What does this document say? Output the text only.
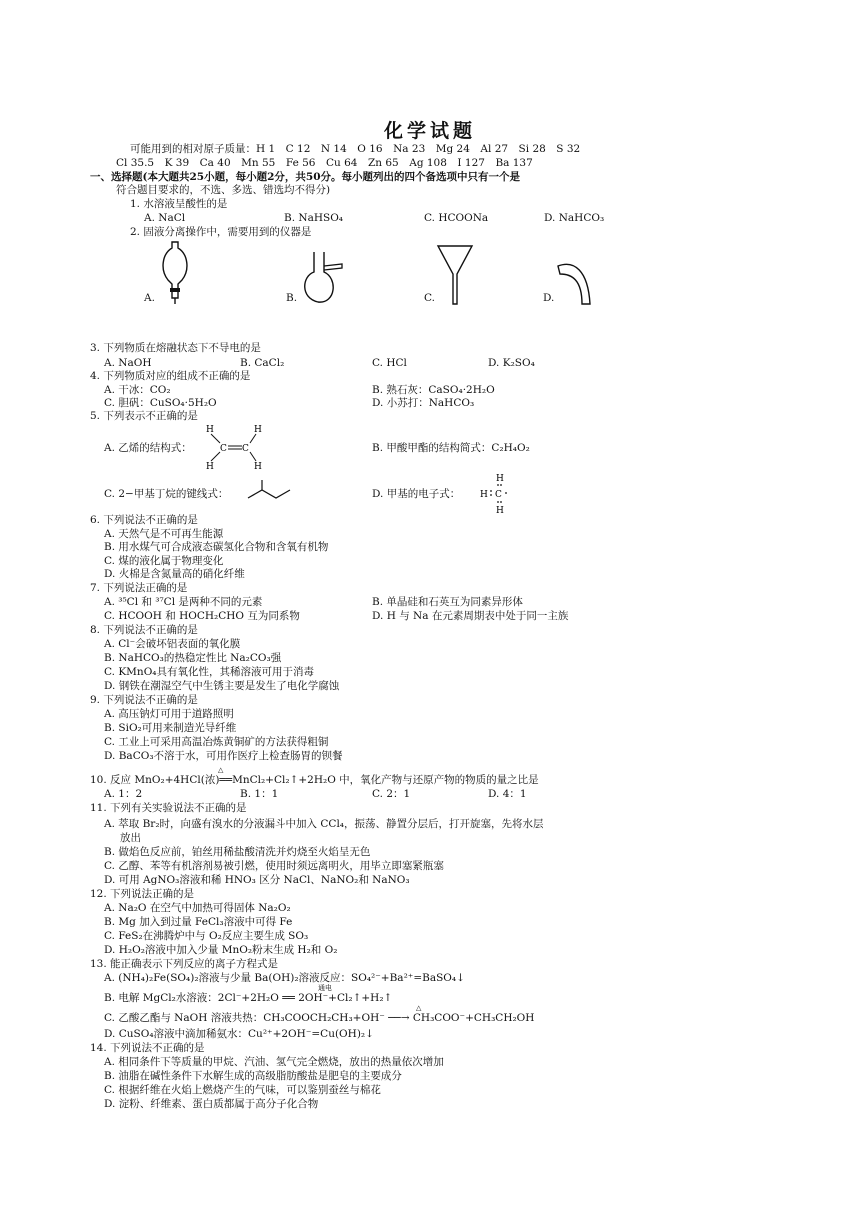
化学试题
可能用到的相对原子质量：H 1　C 12　N 14　O 16　Na 23　Mg 24　Al 27　Si 28　S 32
Cl 35.5　K 39　Ca 40　Mn 55　Fe 56　Cu 64　Zn 65　Ag 108　I 127　Ba 137
一、选择题(本大题共25小题，每小题2分，共50分。每小题列出的四个备选项中只有一个是
符合题目要求的，不选、多选、错选均不得分)
1. 水溶液呈酸性的是
A. NaCl	B. NaHSO₄	C. HCOONa	D. NaHCO₃
2. 固液分离操作中，需要用到的仪器是
A.	B.	C.	D.
3. 下列物质在熔融状态下不导电的是
A. NaOH	B. CaCl₂	C. HCl	D. K₂SO₄
4. 下列物质对应的组成不正确的是
A. 干冰：CO₂	B. 熟石灰：CaSO₄·2H₂O
C. 胆矾：CuSO₄·5H₂O	D. 小苏打：NaHCO₃
5. 下列表示不正确的是
A. 乙烯的结构式：
H	H
H	H
C C	B. 甲酸甲酯的结构简式：C₂H₄O₂
C. 2−甲基丁烷的键线式：	D. 甲基的电子式：
H
H C
H
6. 下列说法不正确的是
A. 天然气是不可再生能源
B. 用水煤气可合成液态碳氢化合物和含氧有机物
C. 煤的液化属于物理变化
D. 火棉是含氮量高的硝化纤维
7. 下列说法正确的是
A. ³⁵Cl 和 ³⁷Cl 是两种不同的元素	B. 单晶硅和石英互为同素异形体
C. HCOOH 和 HOCH₂CHO 互为同系物	D. H 与 Na 在元素周期表中处于同一主族
8. 下列说法不正确的是
A. Cl⁻会破坏铝表面的氧化膜
B. NaHCO₃的热稳定性比 Na₂CO₃强
C. KMnO₄具有氧化性，其稀溶液可用于消毒
D. 钢铁在潮湿空气中生锈主要是发生了电化学腐蚀
9. 下列说法不正确的是
A. 高压钠灯可用于道路照明
B. SiO₂可用来制造光导纤维
C. 工业上可采用高温冶炼黄铜矿的方法获得粗铜
D. BaCO₃不溶于水，可用作医疗上检查肠胃的钡餐
△
10. 反应 MnO₂+4HCl(浓)══MnCl₂+Cl₂↑+2H₂O 中，氧化产物与还原产物的物质的量之比是
A. 1：2	B. 1：1	C. 2：1	D. 4：1
11. 下列有关实验说法不正确的是
A. 萃取 Br₂时，向盛有溴水的分液漏斗中加入 CCl₄，振荡、静置分层后，打开旋塞，先将水层
放出
B. 做焰色反应前，铂丝用稀盐酸清洗并灼烧至火焰呈无色
C. 乙醇、苯等有机溶剂易被引燃，使用时须远离明火，用毕立即塞紧瓶塞
D. 可用 AgNO₃溶液和稀 HNO₃ 区分 NaCl、NaNO₂和 NaNO₃
12. 下列说法正确的是
A. Na₂O 在空气中加热可得固体 Na₂O₂
B. Mg 加入到过量 FeCl₃溶液中可得 Fe
C. FeS₂在沸腾炉中与 O₂反应主要生成 SO₃
D. H₂O₂溶液中加入少量 MnO₂粉末生成 H₂和 O₂
13. 能正确表示下列反应的离子方程式是
A. (NH₄)₂Fe(SO₄)₂溶液与少量 Ba(OH)₂溶液反应：SO₄²⁻+Ba²⁺=BaSO₄↓
通电
B. 电解 MgCl₂水溶液：2Cl⁻+2H₂O ══ 2OH⁻+Cl₂↑+H₂↑
△
C. 乙酸乙酯与 NaOH 溶液共热：CH₃COOCH₂CH₃+OH⁻ ──→ CH₃COO⁻+CH₃CH₂OH
D. CuSO₄溶液中滴加稀氨水：Cu²⁺+2OH⁻=Cu(OH)₂↓
14. 下列说法不正确的是
A. 相同条件下等质量的甲烷、汽油、氢气完全燃烧，放出的热量依次增加
B. 油脂在碱性条件下水解生成的高级脂肪酸盐是肥皂的主要成分
C. 根据纤维在火焰上燃烧产生的气味，可以鉴别蚕丝与棉花
D. 淀粉、纤维素、蛋白质都属于高分子化合物
